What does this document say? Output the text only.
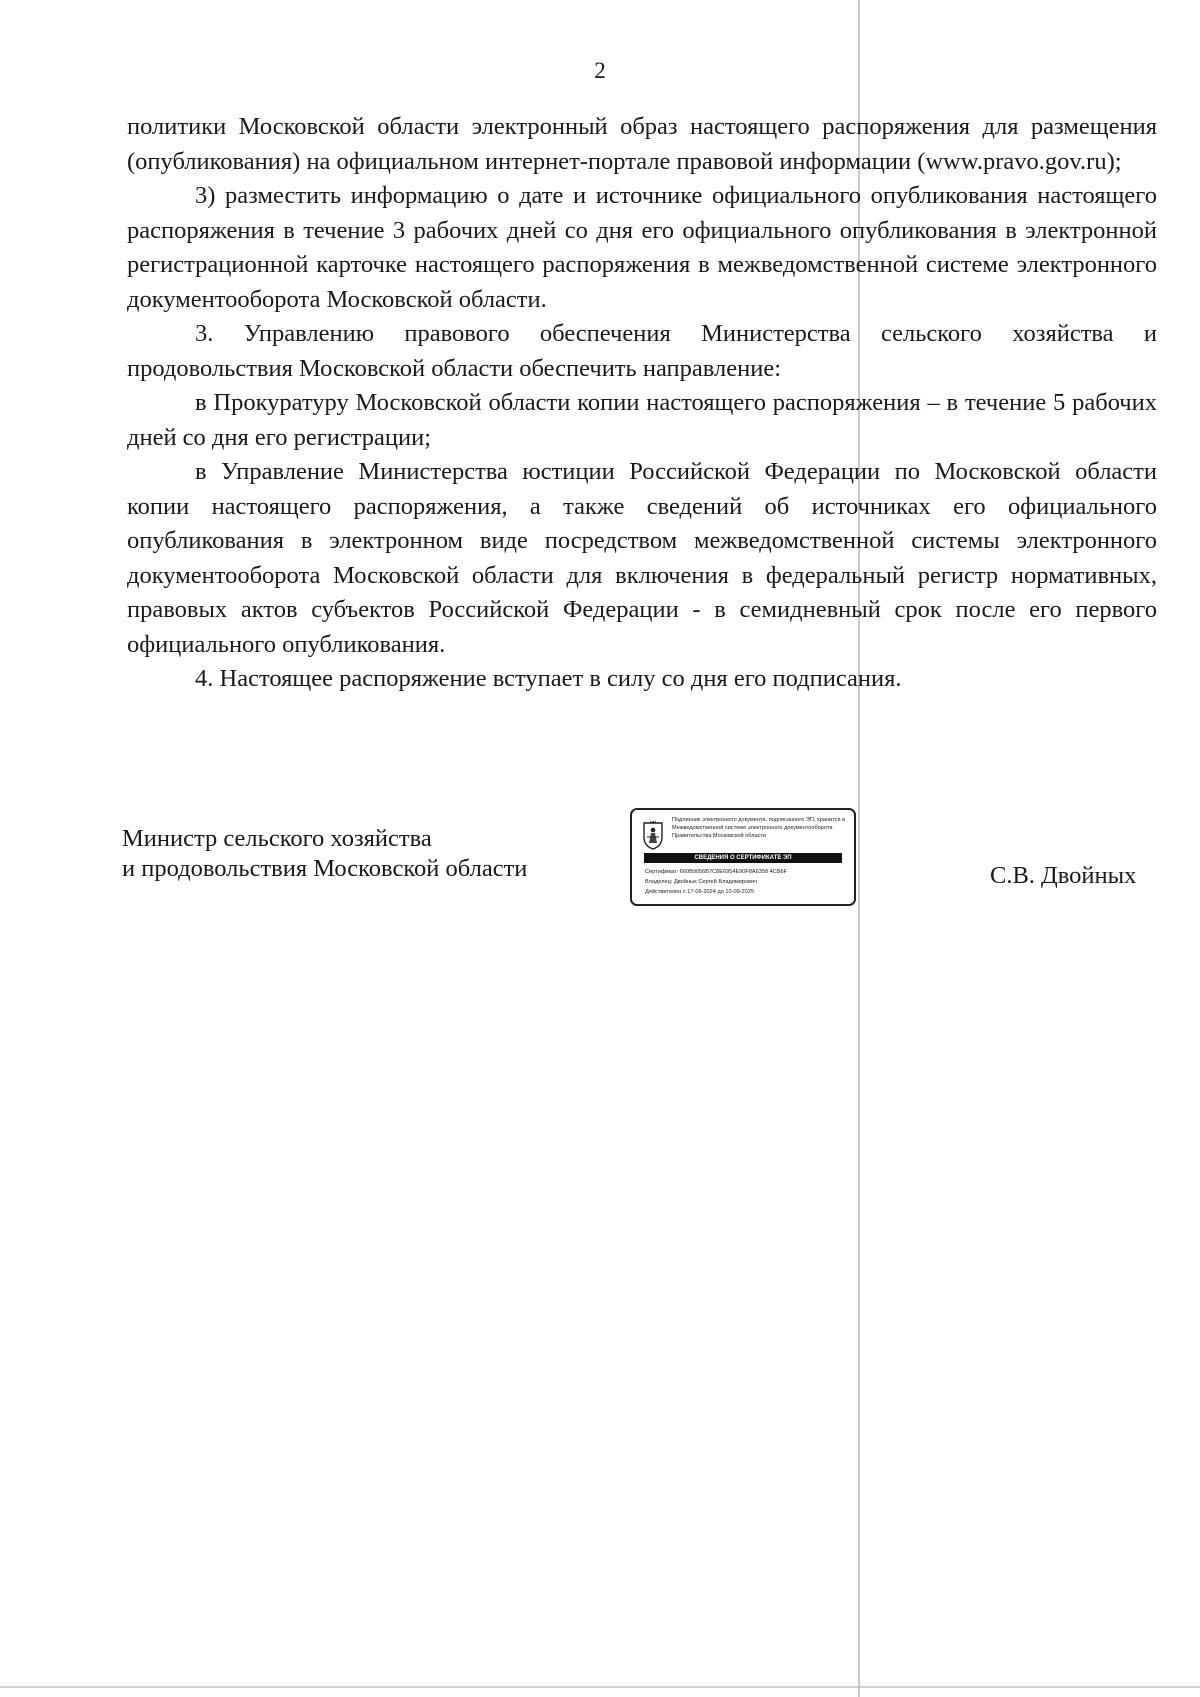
2

политики Московской области электронный образ настоящего распоряжения для размещения (опубликования) на официальном интернет-портале правовой информации (www.pravo.gov.ru);

3) разместить информацию о дате и источнике официального опубликования настоящего распоряжения в течение 3 рабочих дней со дня его официального опубликования в электронной регистрационной карточке настоящего распоряжения в межведомственной системе электронного документооборота Московской области.

3. Управлению правового обеспечения Министерства сельского хозяйства и продовольствия Московской области обеспечить направление:

в Прокуратуру Московской области копии настоящего распоряжения – в течение 5 рабочих дней со дня его регистрации;

в Управление Министерства юстиции Российской Федерации по Московской области копии настоящего распоряжения, а также сведений об источниках его официального опубликования в электронном виде посредством межведомственной системы электронного документооборота Московской области для включения в федеральный регистр нормативных, правовых актов субъектов Российской Федерации - в семидневный срок после его первого официального опубликования.

4. Настоящее распоряжение вступает в силу со дня его подписания.

Министр сельского хозяйства
и продовольствия Московской области
Подлинник электронного документа, подписанного ЭП, хранится в Межведомственной системе электронного документооборота Правительства Московской области
СВЕДЕНИЯ О СЕРТИФИКАТЕ ЭП
Сертификат: 660B9056B7C8E6954E90F8A6358 4CB6F
Владелец: Двойных Сергей Владимирович
Действителен с 17-06-2024 до 10-09-2025
С.В. Двойных
